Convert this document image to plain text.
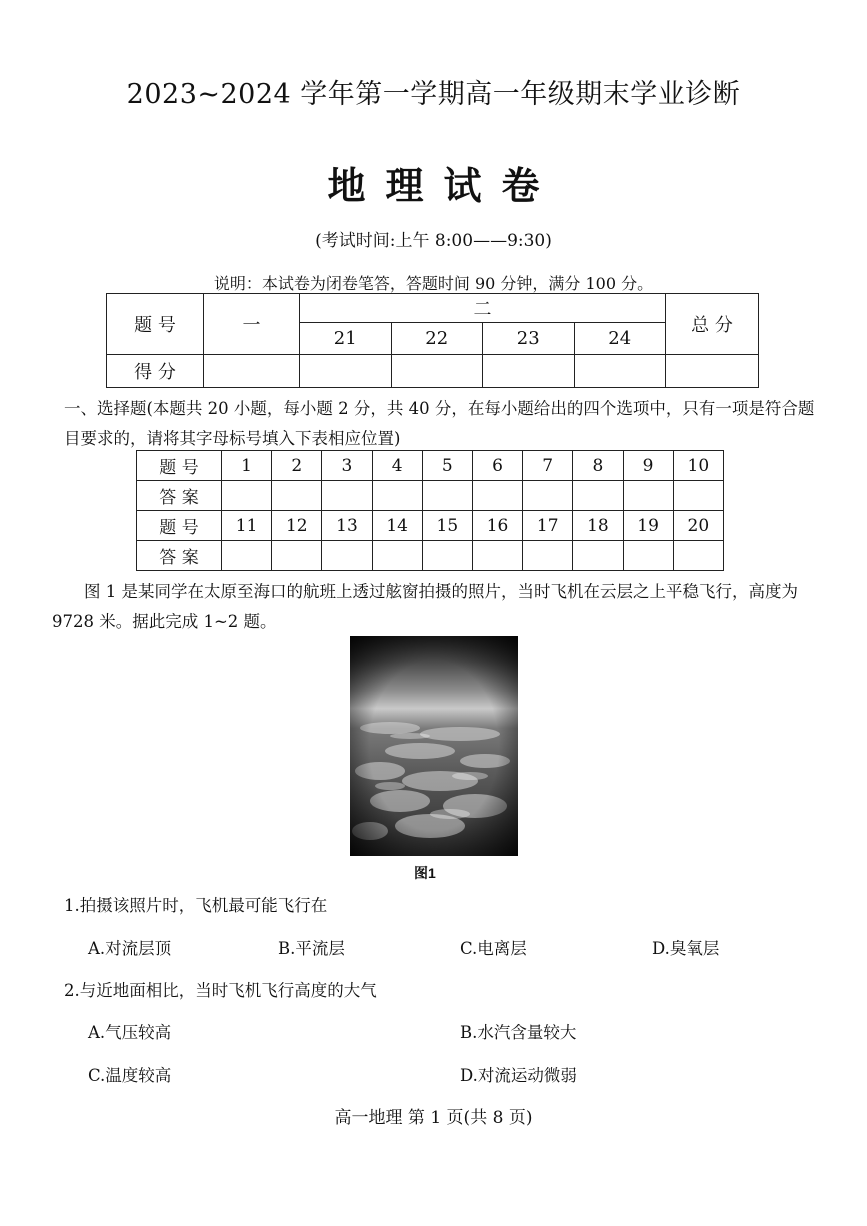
2023~2024 学年第一学期高一年级期末学业诊断
地理试卷
(考试时间:上午 8:00——9:30)
说明：本试卷为闭卷笔答，答题时间 90 分钟，满分 100 分。
题 号	一	二				总 分
		21	22	23	24	
得 分						
一、选择题(本题共 20 小题，每小题 2 分，共 40 分，在每小题给出的四个选项中，只有一项是符合题目要求的，请将其字母标号填入下表相应位置)
题 号	1	2	3	4	5	6	7	8	9	10
答 案										
题 号	11	12	13	14	15	16	17	18	19	20
答 案										
图 1 是某同学在太原至海口的航班上透过舷窗拍摄的照片，当时飞机在云层之上平稳飞行，高度为 9728 米。据此完成 1~2 题。
图1
1.拍摄该照片时，飞机最可能飞行在
A.对流层顶	B.平流层	C.电离层	D.臭氧层
2.与近地面相比，当时飞机飞行高度的大气
A.气压较高	B.水汽含量较大
C.温度较高	D.对流运动微弱
高一地理 第 1 页(共 8 页)
